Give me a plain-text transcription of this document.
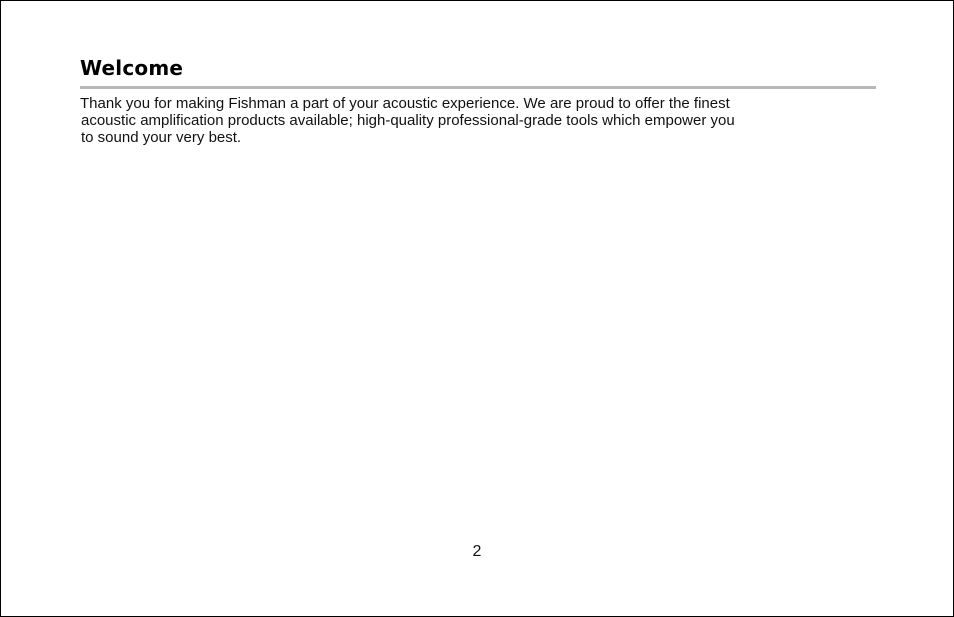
Welcome
Thank you for making Fishman a part of your acoustic experience. We are proud to offer the finest
acoustic amplification products available; high-quality professional-grade tools which empower you
to sound your very best.
2
